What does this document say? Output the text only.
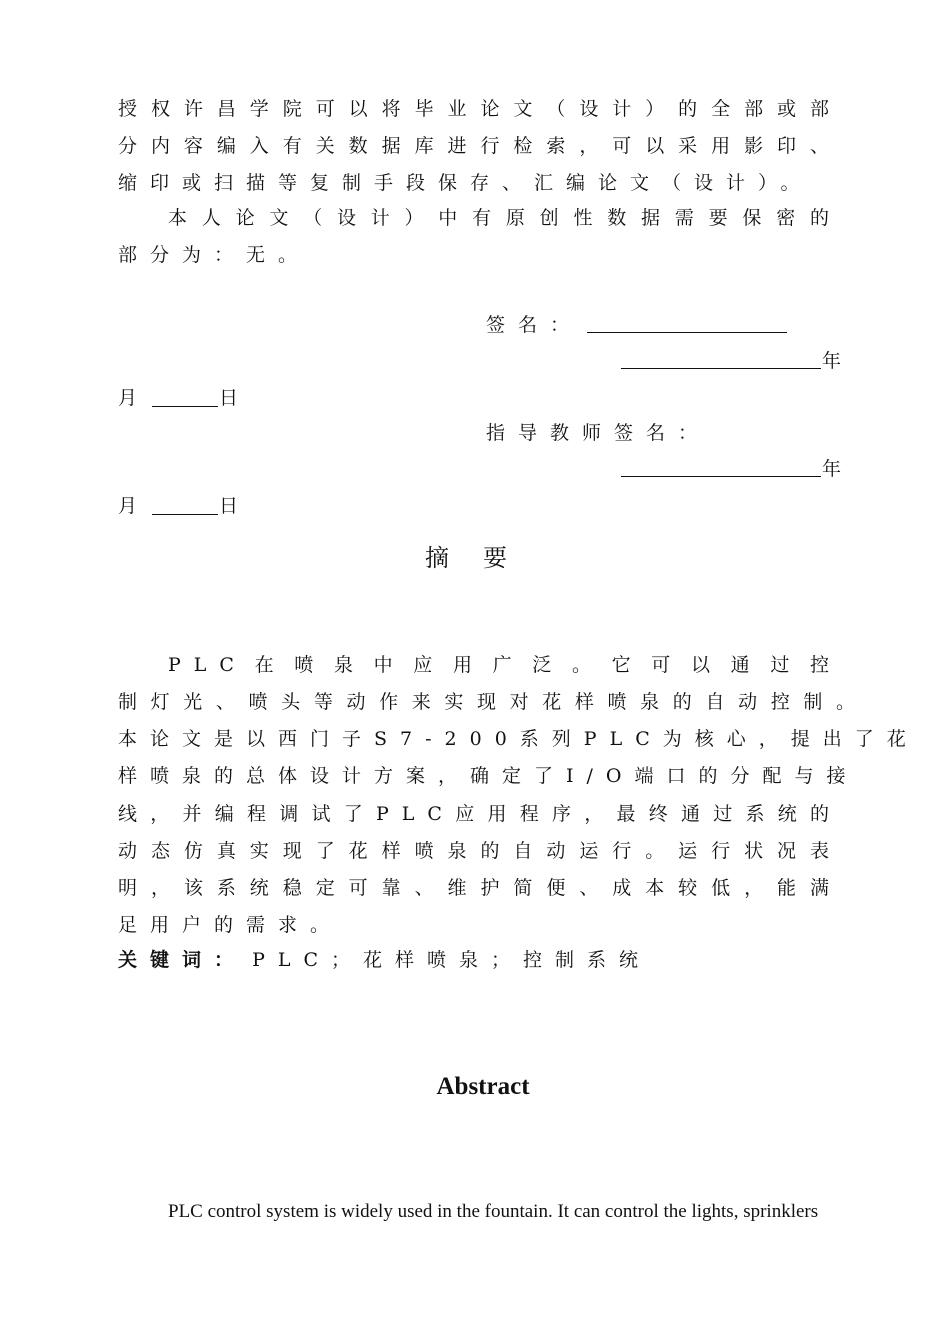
授权许昌学院可以将毕业论文（设计）的全部或部
分内容编入有关数据库进行检索，可以采用影印、
缩印或扫描等复制手段保存、汇编论文（设计）。
本人论文（设计）中有原创性数据需要保密的
部分为：无。
签名：
年
月	日
指导教师签名：
年
月	日
摘要
PLC在喷泉中应用广泛。它可以通过控
制灯光、喷头等动作来实现对花样喷泉的自动控制。
本论文是以西门子S7-200系列PLC为核心，提出了花
样喷泉的总体设计方案，确定了I/O端口的分配与接
线，并编程调试了PLC应用程序，最终通过系统的
动态仿真实现了花样喷泉的自动运行。运行状况表
明，该系统稳定可靠、维护简便、成本较低，能满
足用户的需求。
关键词： PLC；花样喷泉；控制系统
Abstract
PLC control system is widely used in the fountain. It can control the lights, sprinklers
